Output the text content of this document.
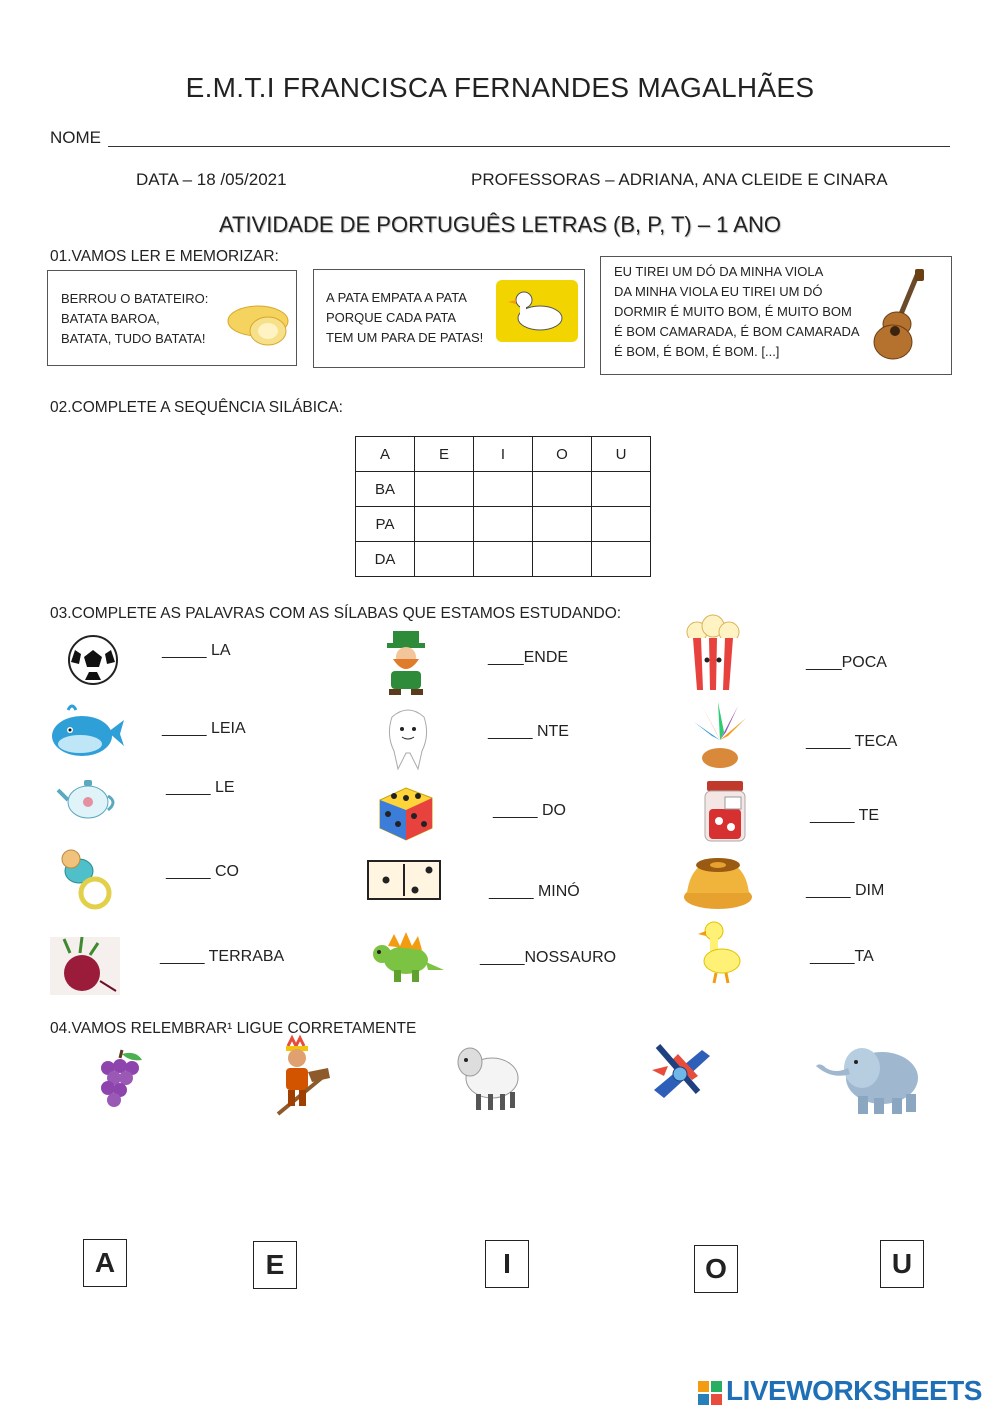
E.M.T.I FRANCISCA FERNANDES MAGALHÃES
NOME
DATA – 18 /05/2021	PROFESSORAS – ADRIANA, ANA CLEIDE E CINARA
ATIVIDADE DE PORTUGUÊS LETRAS (B, P, T) – 1 ANO
01.VAMOS LER E MEMORIZAR:
BERROU O BATATEIRO:
BATATA BAROA,
BATATA, TUDO BATATA!
A PATA EMPATA A PATA
PORQUE CADA PATA
TEM UM PARA DE PATAS!
EU TIREI UM DÓ DA MINHA VIOLA
DA MINHA VIOLA EU TIREI UM DÓ
DORMIR É MUITO BOM, É MUITO BOM
É BOM CAMARADA, É BOM CAMARADA
É BOM, É BOM, É BOM. [...]
02.COMPLETE A SEQUÊNCIA SILÁBICA:
A	E	I	O	U
BA				
PA				
DA				
03.COMPLETE AS PALAVRAS COM AS SÍLABAS QUE ESTAMOS ESTUDANDO:
_____ LA
_____ LEIA
_____ LE
_____ CO
_____ TERRABA
____ENDE
_____ NTE
_____ DO
_____ MINÓ
_____NOSSAURO
____POCA
_____ TECA
_____ TE
_____ DIM
_____TA
04.VAMOS RELEMBRAR¹ LIGUE CORRETAMENTE
A	E	I	O	U
LIVEWORKSHEETS
